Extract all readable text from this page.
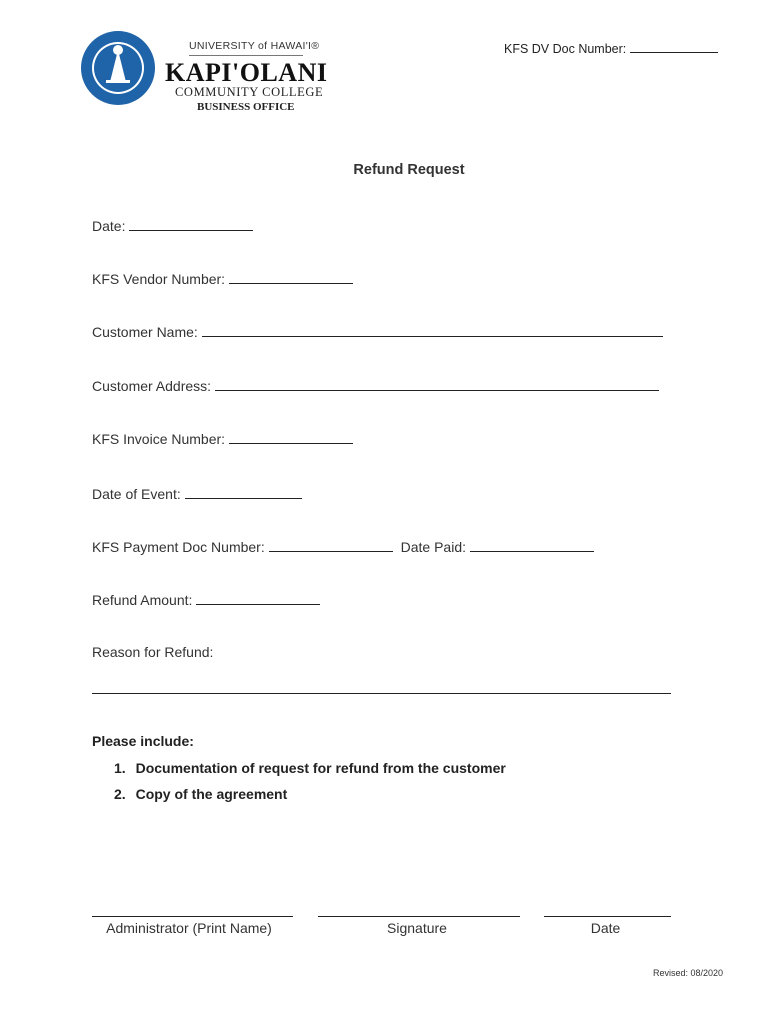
UNIVERSITY of HAWAI'I®
KAPI'OLANI
COMMUNITY COLLEGE
BUSINESS OFFICE
KFS DV Doc Number:
Refund Request
Date:
KFS Vendor Number:
Customer Name:
Customer Address:
KFS Invoice Number:
Date of Event:
KFS Payment Doc Number:	Date Paid:
Refund Amount:
Reason for Refund:
Please include:
1. Documentation of request for refund from the customer
2. Copy of the agreement
Administrator (Print Name)	Signature	Date
Revised: 08/2020
